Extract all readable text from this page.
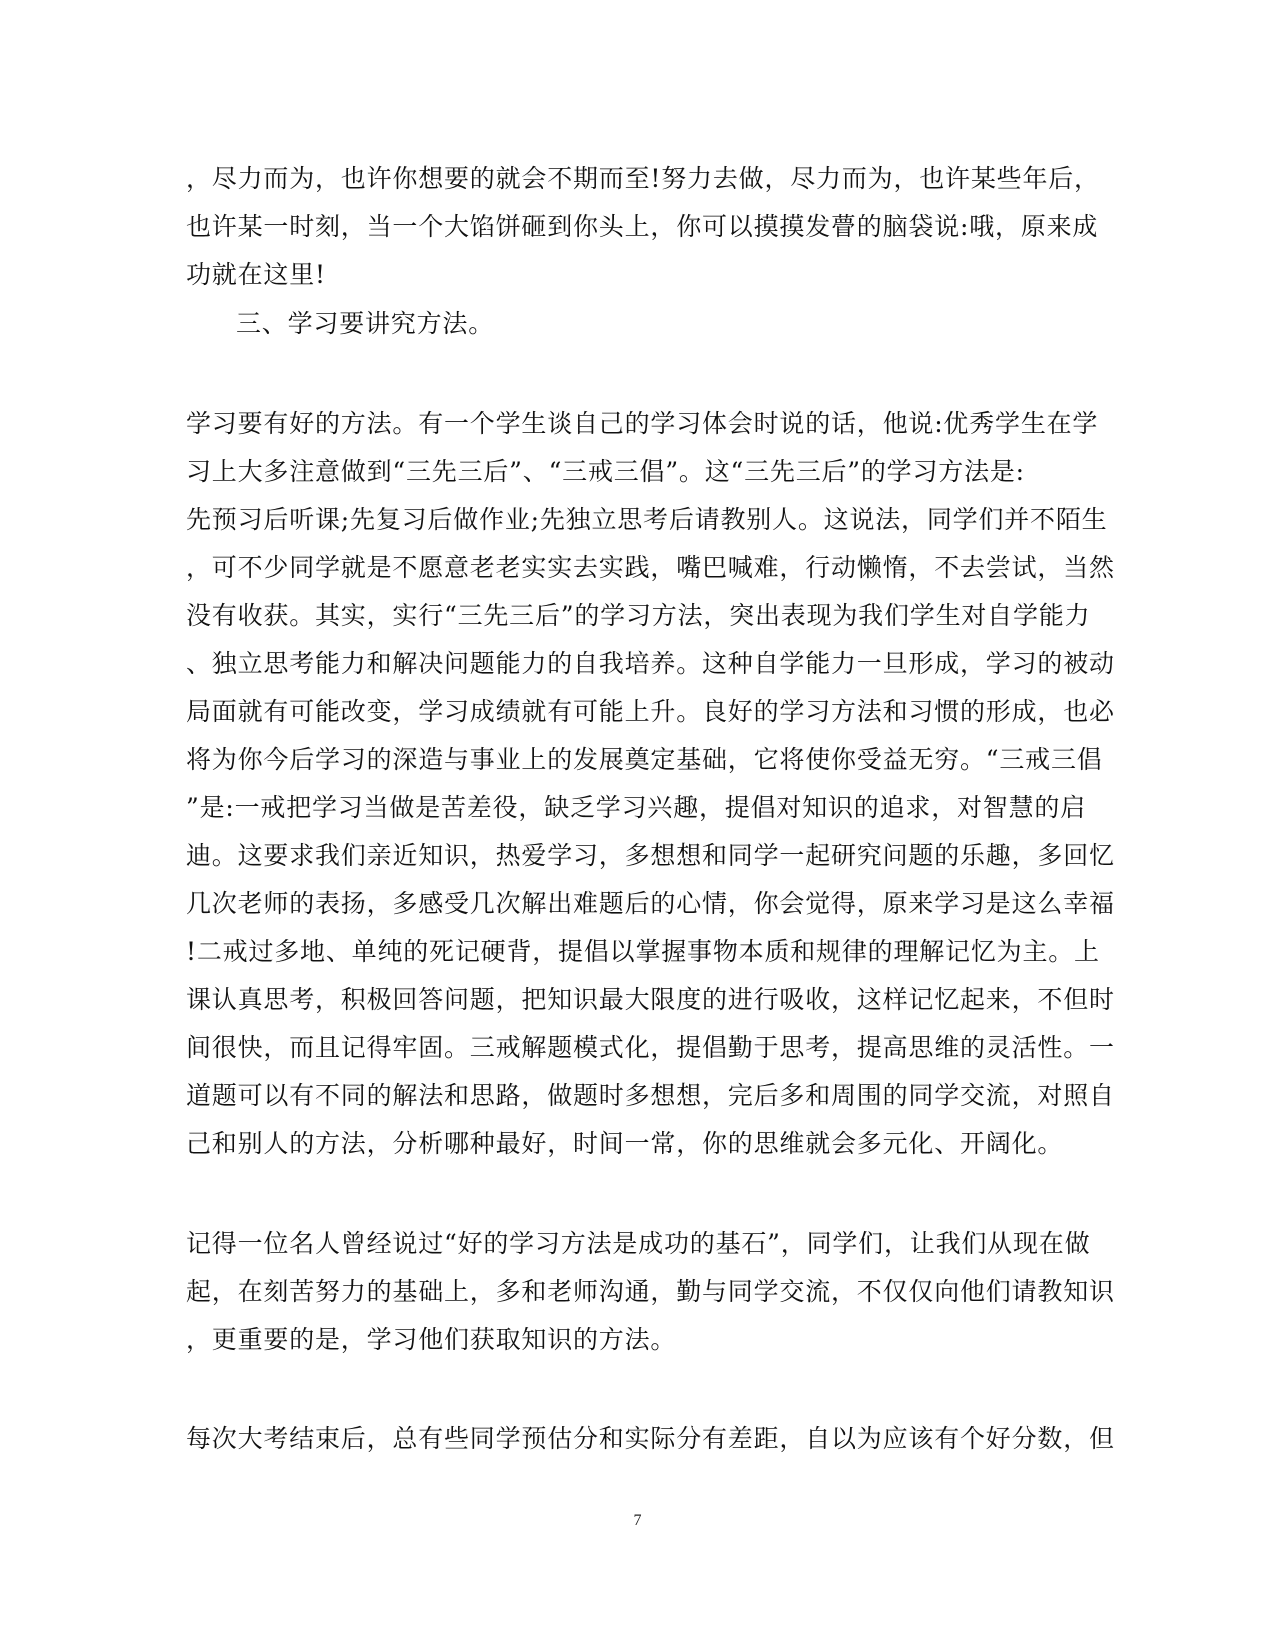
，尽力而为，也许你想要的就会不期而至!努力去做，尽力而为，也许某些年后，
也许某一时刻，当一个大馅饼砸到你头上，你可以摸摸发瞢的脑袋说:哦，原来成
功就在这里!
三、学习要讲究方法。
学习要有好的方法。有一个学生谈自己的学习体会时说的话，他说:优秀学生在学
习上大多注意做到“三先三后”、“三戒三倡”。这“三先三后”的学习方法是:
先预习后听课;先复习后做作业;先独立思考后请教别人。这说法，同学们并不陌生
，可不少同学就是不愿意老老实实去实践，嘴巴喊难，行动懒惰，不去尝试，当然
没有收获。其实，实行“三先三后”的学习方法，突出表现为我们学生对自学能力
、独立思考能力和解决问题能力的自我培养。这种自学能力一旦形成，学习的被动
局面就有可能改变，学习成绩就有可能上升。良好的学习方法和习惯的形成，也必
将为你今后学习的深造与事业上的发展奠定基础，它将使你受益无穷。“三戒三倡
”是:一戒把学习当做是苦差役，缺乏学习兴趣，提倡对知识的追求，对智慧的启
迪。这要求我们亲近知识，热爱学习，多想想和同学一起研究问题的乐趣，多回忆
几次老师的表扬，多感受几次解出难题后的心情，你会觉得，原来学习是这么幸福
!二戒过多地、单纯的死记硬背，提倡以掌握事物本质和规律的理解记忆为主。上
课认真思考，积极回答问题，把知识最大限度的进行吸收，这样记忆起来，不但时
间很快，而且记得牢固。三戒解题模式化，提倡勤于思考，提高思维的灵活性。一
道题可以有不同的解法和思路，做题时多想想，完后多和周围的同学交流，对照自
己和别人的方法，分析哪种最好，时间一常，你的思维就会多元化、开阔化。
记得一位名人曾经说过“好的学习方法是成功的基石”，同学们，让我们从现在做
起，在刻苦努力的基础上，多和老师沟通，勤与同学交流，不仅仅向他们请教知识
，更重要的是，学习他们获取知识的方法。
每次大考结束后，总有些同学预估分和实际分有差距，自以为应该有个好分数，但
7
